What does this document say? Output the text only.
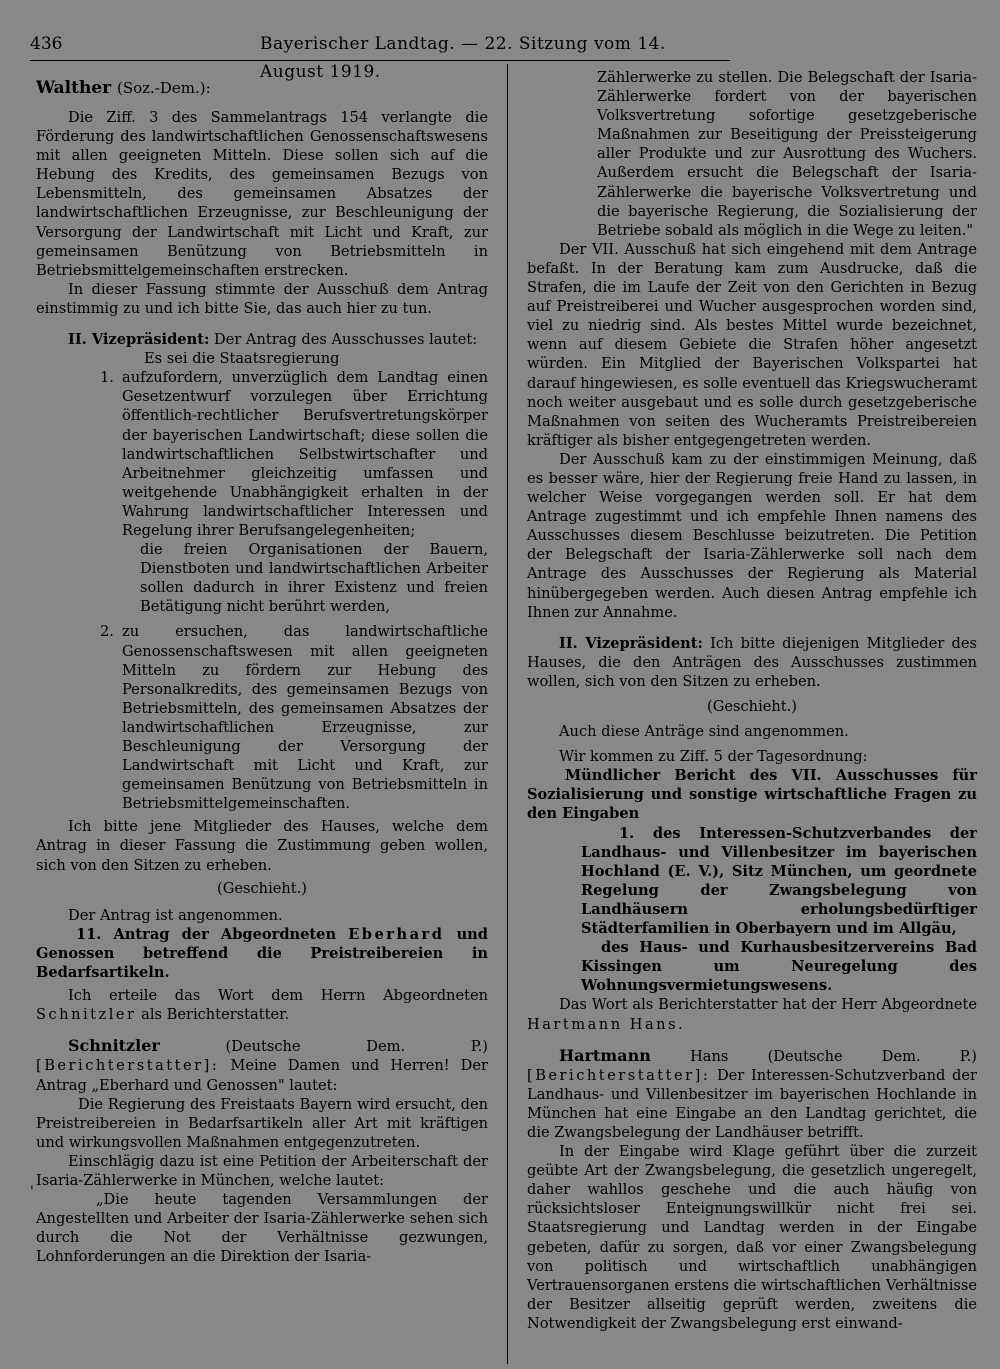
436	Bayerischer Landtag. — 22. Sitzung vom 14. August 1919.

Walther (Soz.-Dem.):

Die Ziff. 3 des Sammelantrags 154 verlangte die Förderung des landwirtschaftlichen Genossenschaftswesens mit allen geeigneten Mitteln. Diese sollen sich auf die Hebung des Kredits, des gemeinsamen Bezugs von Lebensmitteln, des gemeinsamen Absatzes der landwirtschaftlichen Erzeugnisse, zur Beschleunigung der Versorgung der Landwirtschaft mit Licht und Kraft, zur gemeinsamen Benützung von Betriebsmitteln in Betriebsmittelgemeinschaften erstrecken.

In dieser Fassung stimmte der Ausschuß dem Antrag einstimmig zu und ich bitte Sie, das auch hier zu tun.

II. Vizepräsident: Der Antrag des Ausschusses lautet:

Es sei die Staatsregierung

1. aufzufordern, unverzüglich dem Landtag einen Gesetzentwurf vorzulegen über Errichtung öffentlich-rechtlicher Berufsvertretungskörper der bayerischen Landwirtschaft; diese sollen die landwirtschaftlichen Selbstwirtschafter und Arbeitnehmer gleichzeitig umfassen und weitgehende Unabhängigkeit erhalten in der Wahrung landwirtschaftlicher Interessen und Regelung ihrer Berufsangelegenheiten;

die freien Organisationen der Bauern, Dienstboten und landwirtschaftlichen Arbeiter sollen dadurch in ihrer Existenz und freien Betätigung nicht berührt werden,

2. zu ersuchen, das landwirtschaftliche Genossenschaftswesen mit allen geeigneten Mitteln zu fördern zur Hebung des Personalkredits, des gemeinsamen Bezugs von Betriebsmitteln, des gemeinsamen Absatzes der landwirtschaftlichen Erzeugnisse, zur Beschleunigung der Versorgung der Landwirtschaft mit Licht und Kraft, zur gemeinsamen Benützung von Betriebsmitteln in Betriebsmittelgemeinschaften.

Ich bitte jene Mitglieder des Hauses, welche dem Antrag in dieser Fassung die Zustimmung geben wollen, sich von den Sitzen zu erheben.

(Geschieht.)

Der Antrag ist angenommen.

11. Antrag der Abgeordneten Eberhard und Genossen betreffend die Preistreibereien in Bedarfsartikeln.

Ich erteile das Wort dem Herrn Abgeordneten Schnitzler als Berichterstatter.

Schnitzler	(Deutsche Dem. P.) [Berichterstatter]: Meine Damen und Herren! Der Antrag „Eberhard und Genossen" lautet:

Die Regierung des Freistaats Bayern wird ersucht, den Preistreibereien in Bedarfsartikeln aller Art mit kräftigen und wirkungsvollen Maßnahmen entgegenzutreten.

Einschlägig dazu ist eine Petition der Arbeiterschaft der Isaria-Zählerwerke in München, welche lautet:

„Die heute tagenden Versammlungen der Angestellten und Arbeiter der Isaria-Zählerwerke sehen sich durch die Not der Verhältnisse gezwungen, Lohnforderungen an die Direktion der Isaria-

'

Zählerwerke zu stellen. Die Belegschaft der Isaria-Zählerwerke fordert von der bayerischen Volksvertretung sofortige gesetzgeberische Maßnahmen zur Beseitigung der Preissteigerung aller Produkte und zur Ausrottung des Wuchers. Außerdem ersucht die Belegschaft der Isaria-Zählerwerke die bayerische Volksvertretung und die bayerische Regierung, die Sozialisierung der Betriebe sobald als möglich in die Wege zu leiten."

Der VII. Ausschuß hat sich eingehend mit dem Antrage befaßt. In der Beratung kam zum Ausdrucke, daß die Strafen, die im Laufe der Zeit von den Gerichten in Bezug auf Preistreiberei und Wucher ausgesprochen worden sind, viel zu niedrig sind. Als bestes Mittel wurde bezeichnet, wenn auf diesem Gebiete die Strafen höher angesetzt würden. Ein Mitglied der Bayerischen Volkspartei hat darauf hingewiesen, es solle eventuell das Kriegswucheramt noch weiter ausgebaut und es solle durch gesetzgeberische Maßnahmen von seiten des Wucheramts Preistreibereien kräftiger als bisher entgegengetreten werden.

Der Ausschuß kam zu der einstimmigen Meinung, daß es besser wäre, hier der Regierung freie Hand zu lassen, in welcher Weise vorgegangen werden soll. Er hat dem Antrage zugestimmt und ich empfehle Ihnen namens des Ausschusses diesem Beschlusse beizutreten. Die Petition der Belegschaft der Isaria-Zählerwerke soll nach dem Antrage des Ausschusses der Regierung als Material hinübergegeben werden. Auch diesen Antrag empfehle ich Ihnen zur Annahme.

II. Vizepräsident: Ich bitte diejenigen Mitglieder des Hauses, die den Anträgen des Ausschusses zustimmen wollen, sich von den Sitzen zu erheben.

(Geschieht.)

Auch diese Anträge sind angenommen.

Wir kommen zu Ziff. 5 der Tagesordnung:

Mündlicher Bericht des VII. Ausschusses für Sozialisierung und sonstige wirtschaftliche Fragen zu den Eingaben

1. des Interessen-Schutzverbandes der Landhaus- und Villenbesitzer im bayerischen Hochland (E. V.), Sitz München, um geordnete Regelung der Zwangsbelegung von Landhäusern erholungsbedürftiger Städterfamilien in Oberbayern und im Allgäu,

des Haus- und Kurhausbesitzervereins Bad Kissingen um Neuregelung des Wohnungsvermietungswesens.

Das Wort als Berichterstatter hat der Herr Abgeordnete Hartmann Hans.

Hartmann	Hans	(Deutsche Dem. P.) [Berichterstatter]: Der Interessen-Schutzverband der Landhaus- und Villenbesitzer im bayerischen Hochlande in München hat eine Eingabe an den Landtag gerichtet, die die Zwangsbelegung der Landhäuser betrifft.

In der Eingabe wird Klage geführt über die zurzeit geübte Art der Zwangsbelegung, die gesetzlich ungeregelt, daher wahllos geschehe und die auch häufig von rücksichtsloser Enteignungswillkür nicht frei sei. Staatsregierung und Landtag werden in der Eingabe gebeten, dafür zu sorgen, daß vor einer Zwangsbelegung von politisch und wirtschaftlich unabhängigen Vertrauensorganen erstens die wirtschaftlichen Verhältnisse der Besitzer allseitig geprüft werden, zweitens die Notwendigkeit der Zwangsbelegung erst einwand-
